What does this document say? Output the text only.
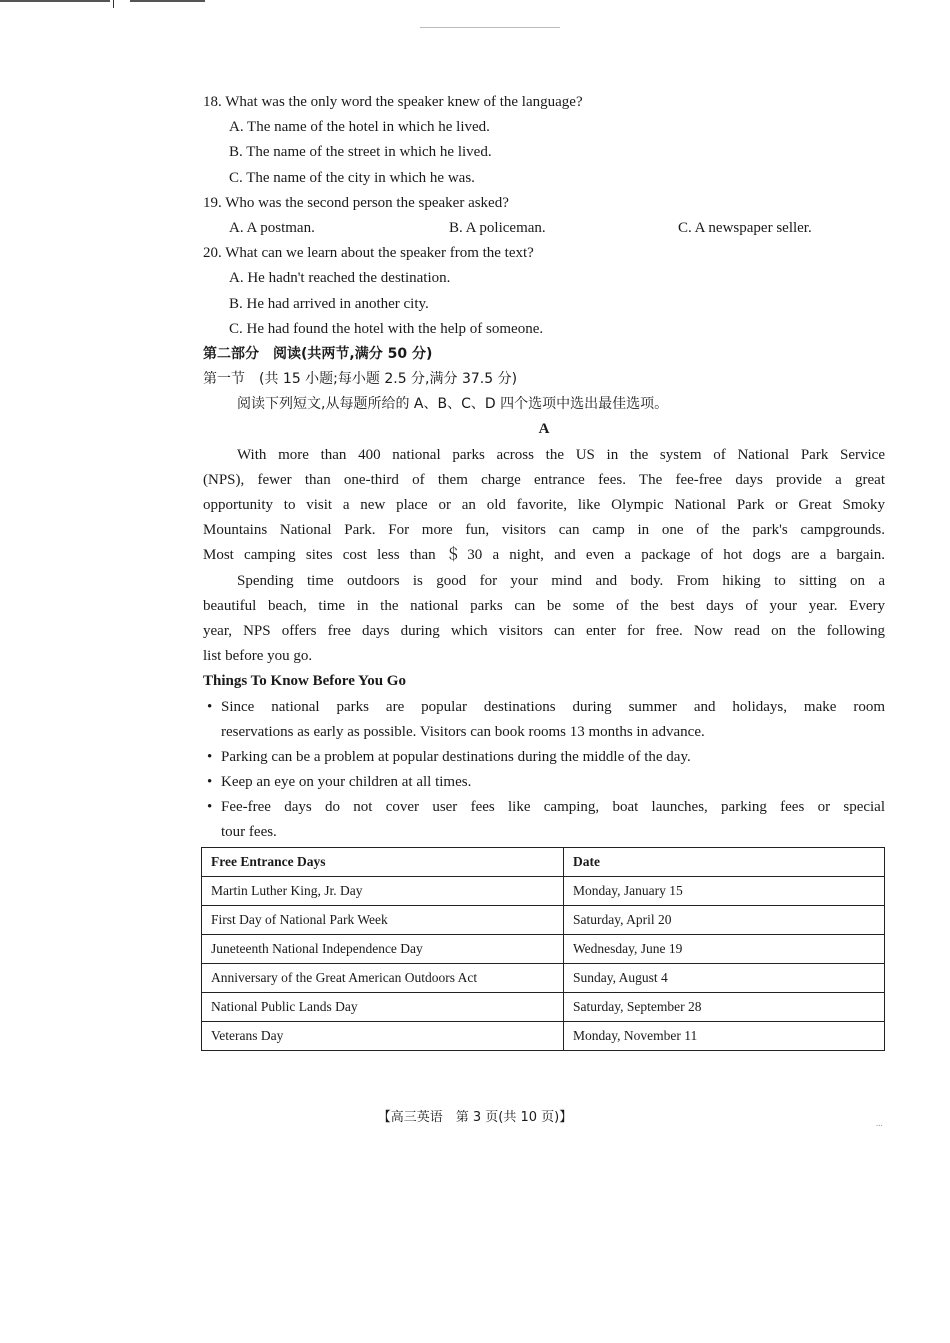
18. What was the only word the speaker knew of the language?
A. The name of the hotel in which he lived.
B. The name of the street in which he lived.
C. The name of the city in which he was.
19. Who was the second person the speaker asked?
A. A postman.	B. A policeman.	C. A newspaper seller.
20. What can we learn about the speaker from the text?
A. He hadn't reached the destination.
B. He had arrived in another city.
C. He had found the hotel with the help of someone.
第二部分　阅读(共两节,满分 50 分)
第一节　(共 15 小题;每小题 2.5 分,满分 37.5 分)
阅读下列短文,从每题所给的 A、B、C、D 四个选项中选出最佳选项。
A
With more than 400 national parks across the US in the system of National Park Service
(NPS), fewer than one-third of them charge entrance fees. The fee-free days provide a great
opportunity to visit a new place or an old favorite, like Olympic National Park or Great Smoky
Mountains National Park. For more fun, visitors can camp in one of the park's campgrounds.
Most camping sites cost less than ＄30 a night, and even a package of hot dogs are a bargain.
Spending time outdoors is good for your mind and body. From hiking to sitting on a
beautiful beach, time in the national parks can be some of the best days of your year. Every
year, NPS offers free days during which visitors can enter for free. Now read on the following
list before you go.
Things To Know Before You Go
• Since national parks are popular destinations during summer and holidays, make room
reservations as early as possible. Visitors can book rooms 13 months in advance.
• Parking can be a problem at popular destinations during the middle of the day.
• Keep an eye on your children at all times.
• Fee-free days do not cover user fees like camping, boat launches, parking fees or special
tour fees.
Free Entrance Days	Date
Martin Luther King, Jr. Day	Monday, January 15
First Day of National Park Week	Saturday, April 20
Juneteenth National Independence Day	Wednesday, June 19
Anniversary of the Great American Outdoors Act	Sunday, August 4
National Public Lands Day	Saturday, September 28
Veterans Day	Monday, November 11
【高三英语　第 3 页(共 10 页)】	...
